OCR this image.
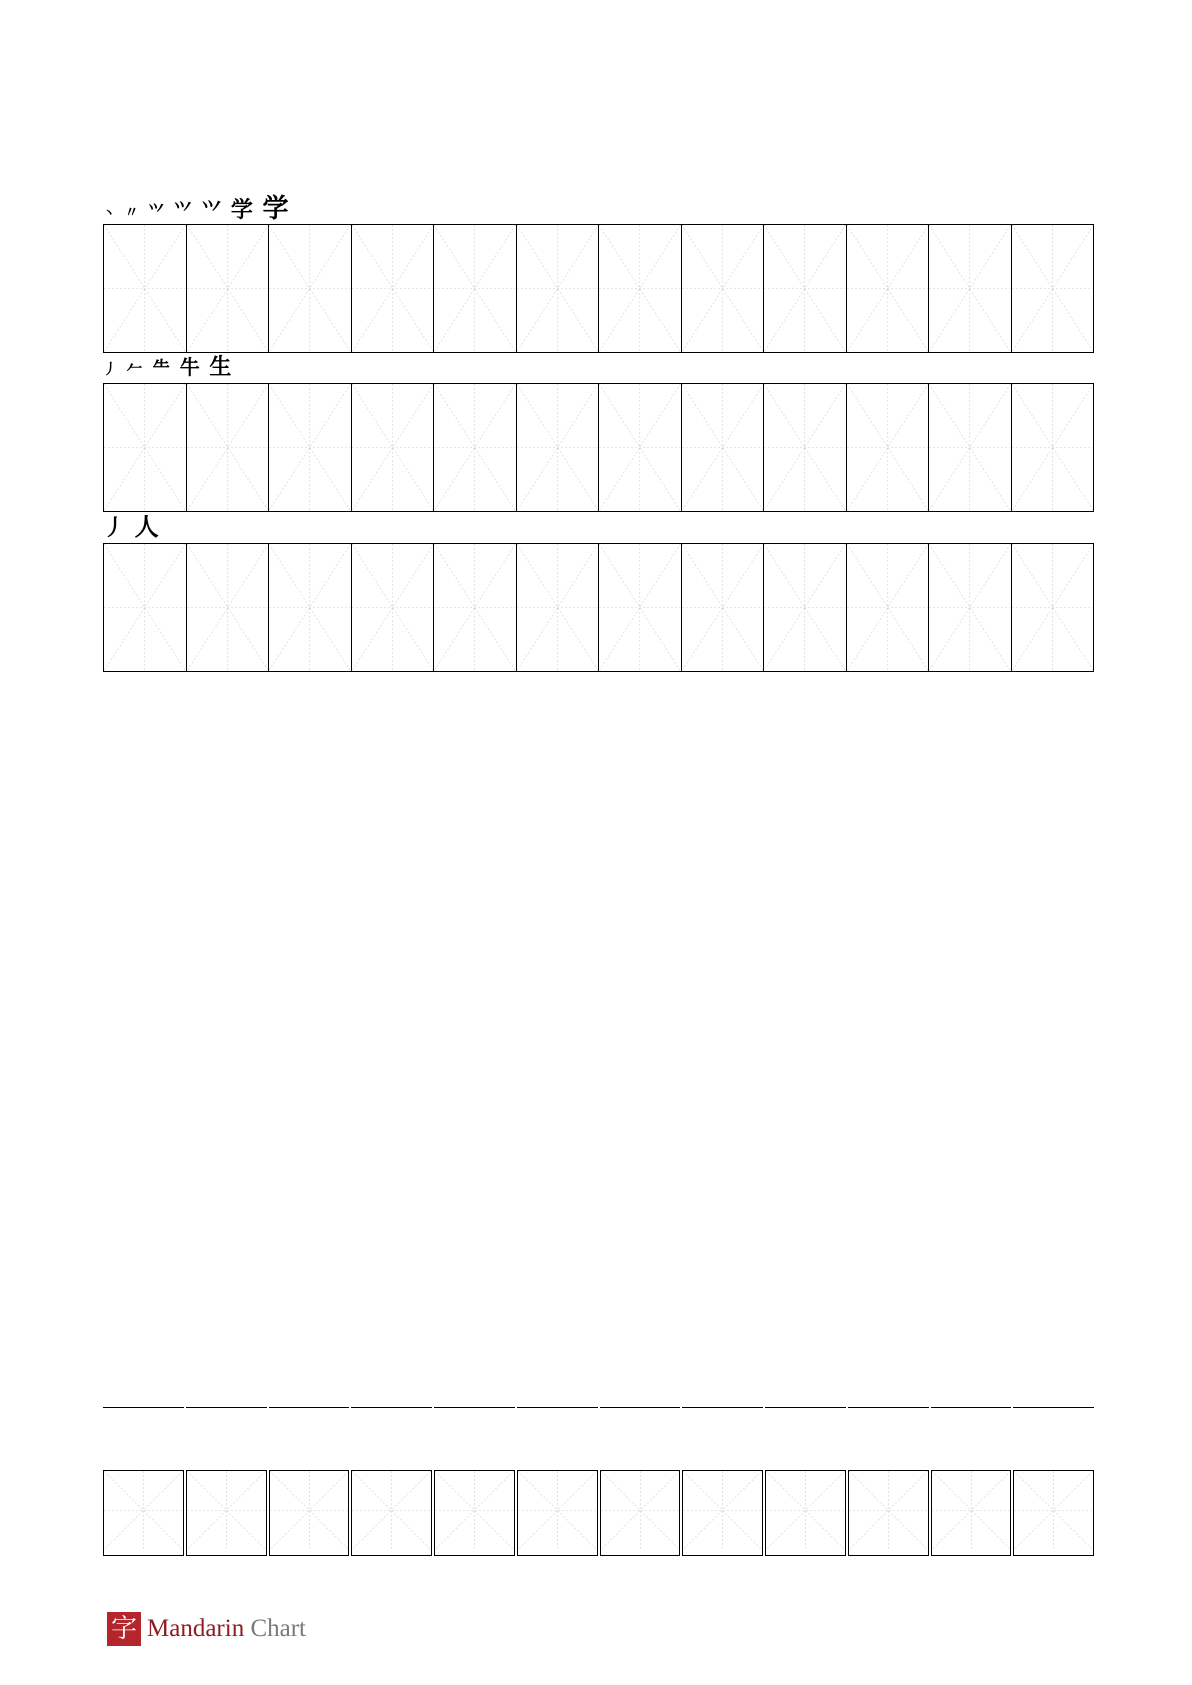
丶 〃 ⺍ ⺍ ⺍ 学 学
丿 𠂉 ⺧ 牛 生
丿 人
字 Mandarin Chart
